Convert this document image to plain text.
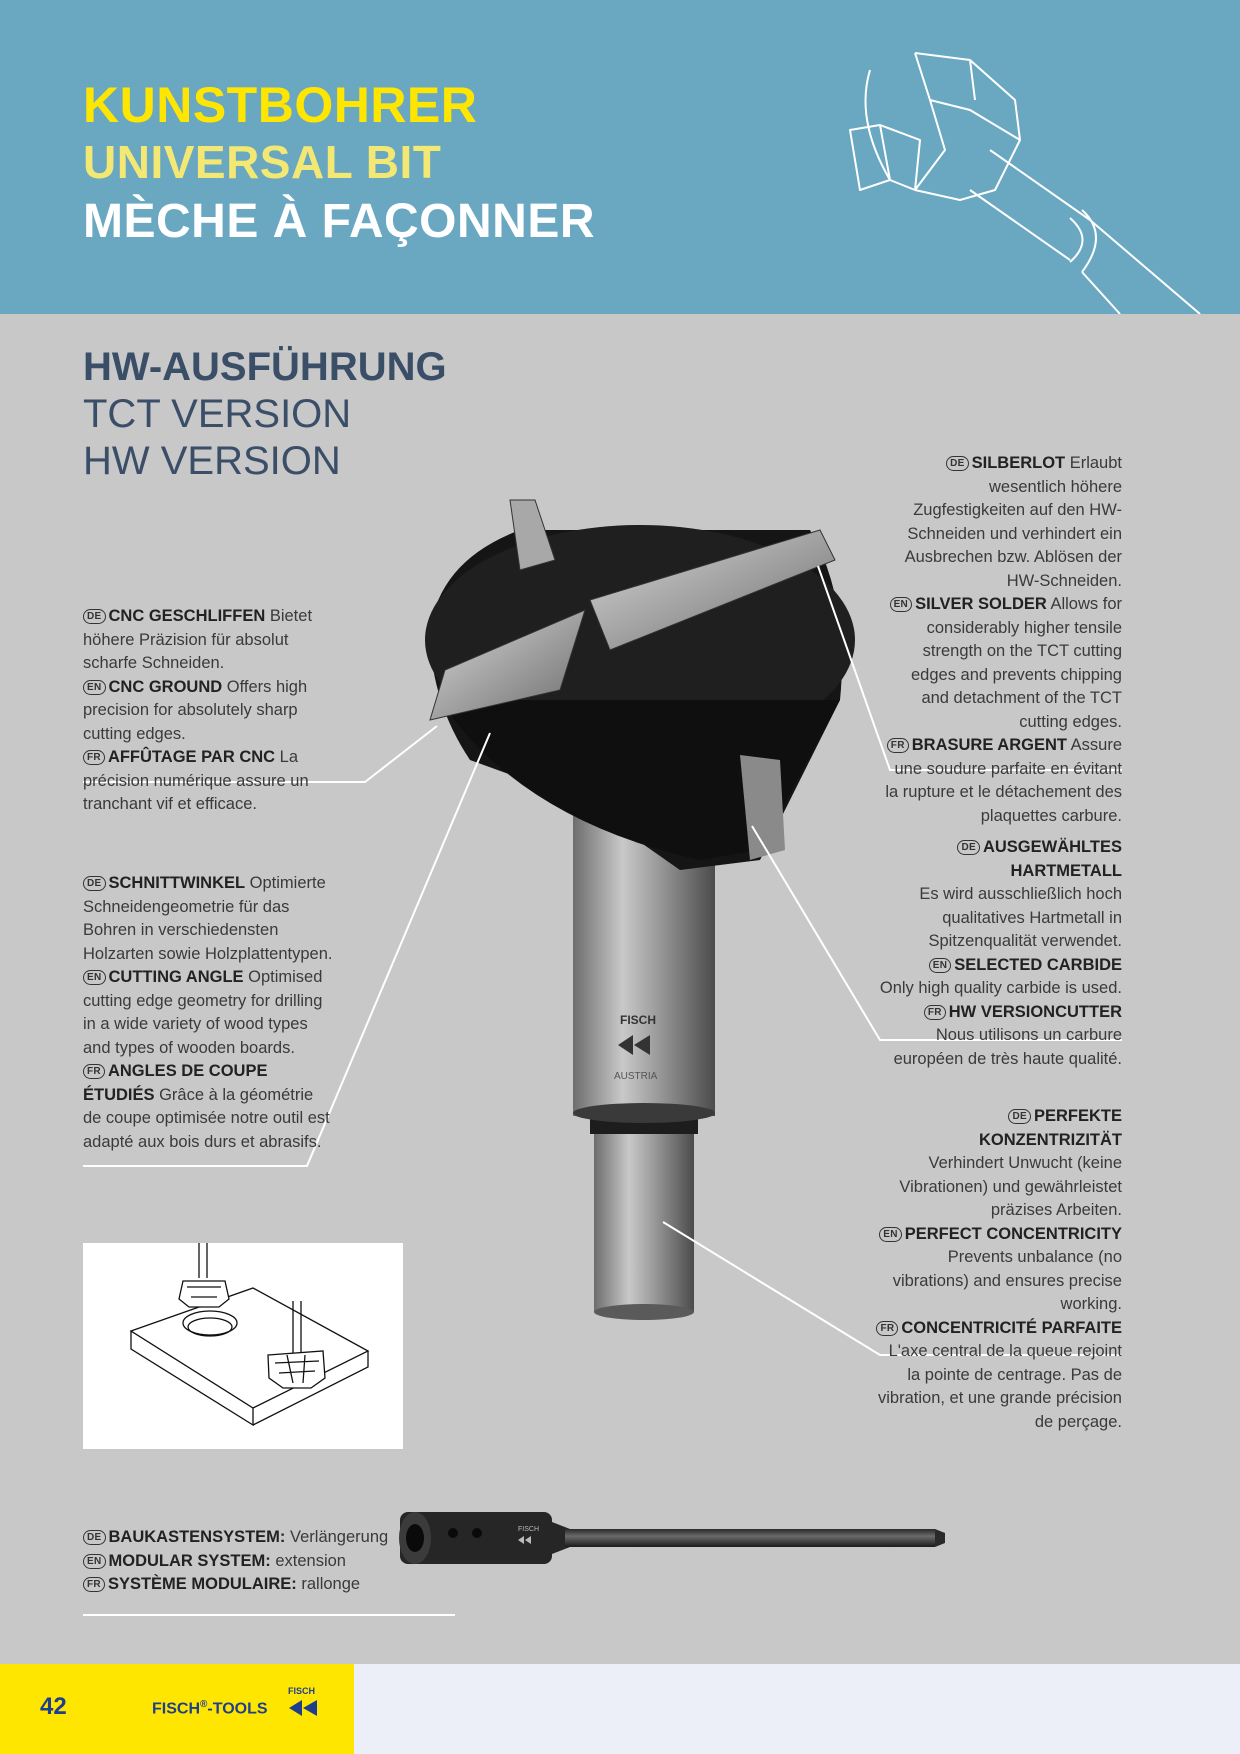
KUNSTBOHRER
UNIVERSAL BIT
MÈCHE À FAÇONNER
HW-AUSFÜHRUNG
TCT VERSION
HW VERSION
FISCH
AUSTRIA

DE CNC GESCHLIFFEN Bietet höhere Präzision für absolut scharfe Schneiden.

EN CNC GROUND Offers high precision for absolutely sharp cutting edges.

FR AFFÛTAGE PAR CNC La précision numérique assure un tranchant vif et efficace.

DE SCHNITTWINKEL Optimierte Schneidengeometrie für das Bohren in verschiedensten Holzarten sowie Holzplattentypen.

EN CUTTING ANGLE Optimised cutting edge geometry for drilling in a wide variety of wood types and types of wooden boards.

FR ANGLES DE COUPE ÉTUDIÉS Grâce à la géométrie de coupe optimisée notre outil est adapté aux bois durs et abrasifs.

DE SILBERLOT Erlaubt wesentlich höhere Zugfestigkeiten auf den HW-Schneiden und verhindert ein Ausbrechen bzw. Ablösen der HW-Schneiden.

EN SILVER SOLDER Allows for considerably higher tensile strength on the TCT cutting edges and prevents chipping and detachment of the TCT cutting edges.

FR BRASURE ARGENT Assure une soudure parfaite en évitant la rupture et le détachement des plaquettes carbure.

DE AUSGEWÄHLTES HARTMETALL
Es wird ausschließlich hoch qualitatives Hartmetall in Spitzenqualität verwendet.

EN SELECTED CARBIDE
Only high quality carbide is used.

FR HW VERSIONCUTTER
Nous utilisons un carbure européen de très haute qualité.

DE PERFEKTE KONZENTRIZITÄT
Verhindert Unwucht (keine Vibrationen) und gewährleistet präzises Arbeiten.

EN PERFECT CONCENTRICITY
Prevents unbalance (no vibrations) and ensures precise working.

FR CONCENTRICITÉ PARFAITE L'axe central de la queue rejoint la pointe de centrage. Pas de vibration, et une grande précision de perçage.

DE BAUKASTENSYSTEM: Verlängerung

EN MODULAR SYSTEM: extension

FR SYSTÈME MODULAIRE: rallonge

FISCH
42	FISCH®-TOOLS
FISCH
